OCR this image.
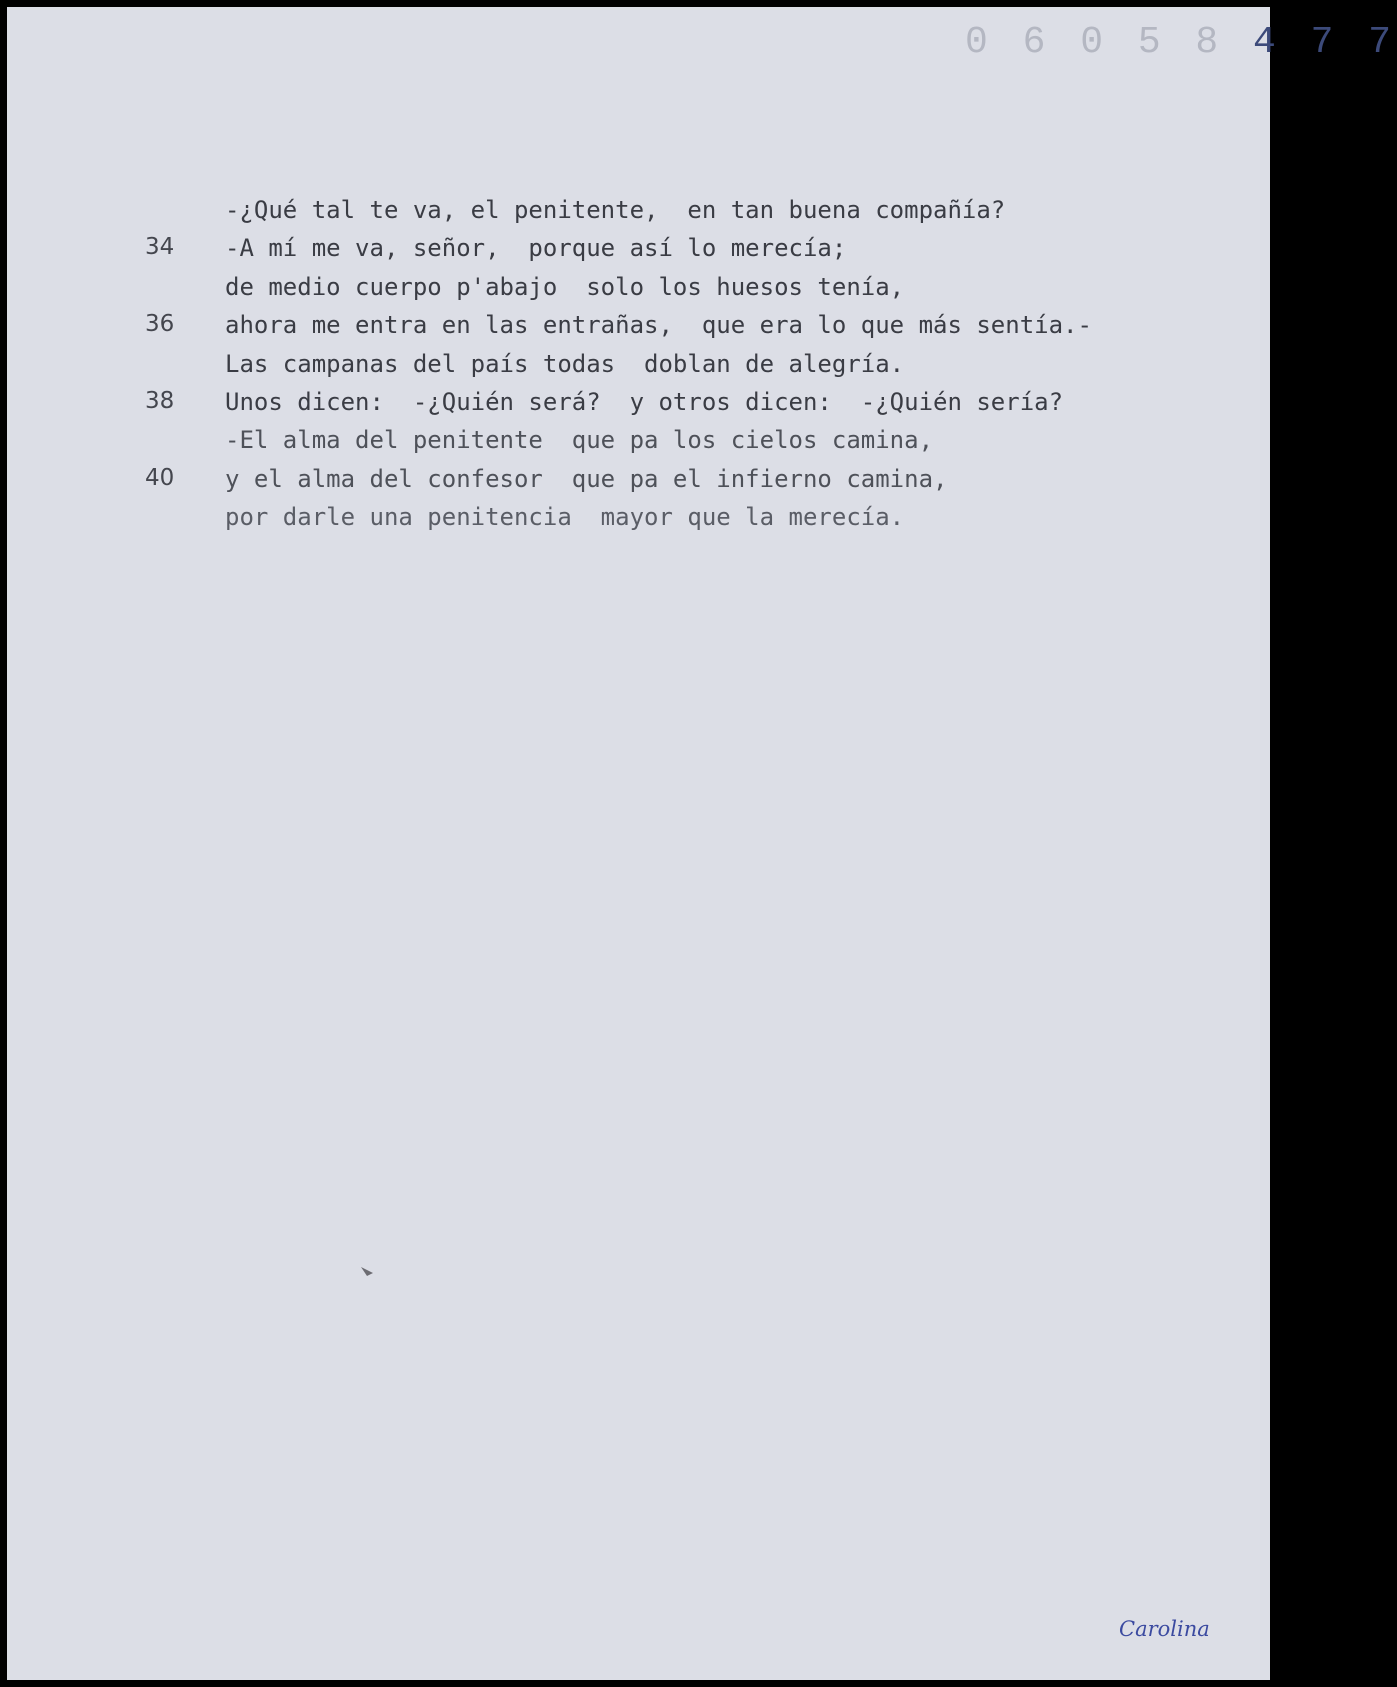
0 6 0 5 8 4 7 7
-¿Qué tal te va, el penitente,  en tan buena compañía?
34 -A mí me va, señor,  porque así lo merecía;
de medio cuerpo p'abajo  solo los huesos tenía,
36 ahora me entra en las entrañas,  que era lo que más sentía.-
Las campanas del país todas  doblan de alegría.
38 Unos dicen:  -¿Quién será?  y otros dicen:  -¿Quién sería?
-El alma del penitente  que pa los cielos camina,
40 y el alma del confesor  que pa el infierno camina,
por darle una penitencia  mayor que la merecía.
Carolina
